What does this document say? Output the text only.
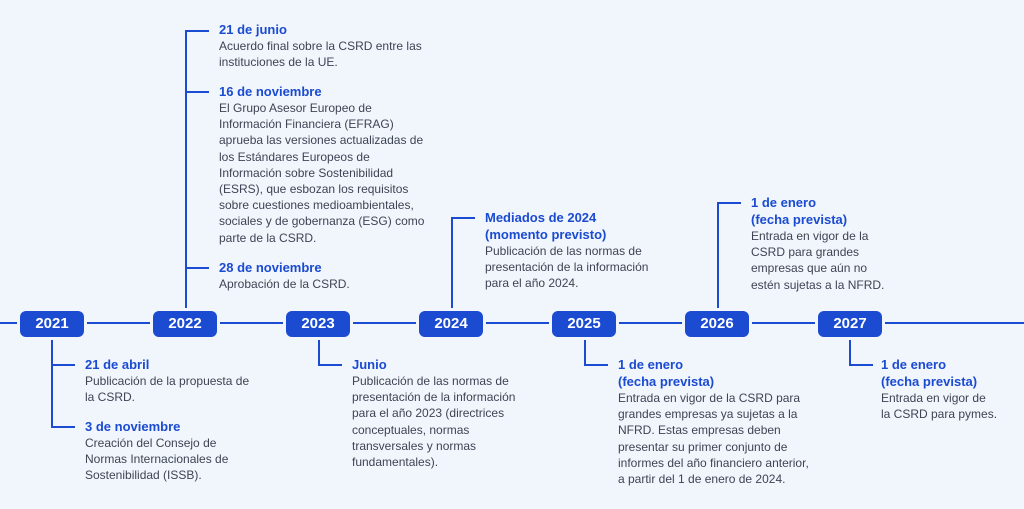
2021	2022	2023	2024	2025	2026	2027
21 de junio
Acuerdo final sobre la CSRD entre las
instituciones de la UE.
16 de noviembre
El Grupo Asesor Europeo de
Información Financiera (EFRAG)
aprueba las versiones actualizadas de
los Estándares Europeos de
Información sobre Sostenibilidad
(ESRS), que esbozan los requisitos
sobre cuestiones medioambientales,
sociales y de gobernanza (ESG) como
parte de la CSRD.
28 de noviembre
Aprobación de la CSRD.
21 de abril
Publicación de la propuesta de
la CSRD.
3 de noviembre
Creación del Consejo de
Normas Internacionales de
Sostenibilidad (ISSB).
Junio
Publicación de las normas de
presentación de la información
para el año 2023 (directrices
conceptuales, normas
transversales y normas
fundamentales).
Mediados de 2024
(momento previsto)
Publicación de las normas de
presentación de la información
para el año 2024.
1 de enero
(fecha prevista)
Entrada en vigor de la CSRD para
grandes empresas ya sujetas a la
NFRD. Estas empresas deben
presentar su primer conjunto de
informes del año financiero anterior,
a partir del 1 de enero de 2024.
1 de enero
(fecha prevista)
Entrada en vigor de la
CSRD para grandes
empresas que aún no
estén sujetas a la NFRD.
1 de enero
(fecha prevista)
Entrada en vigor de
la CSRD para pymes.
